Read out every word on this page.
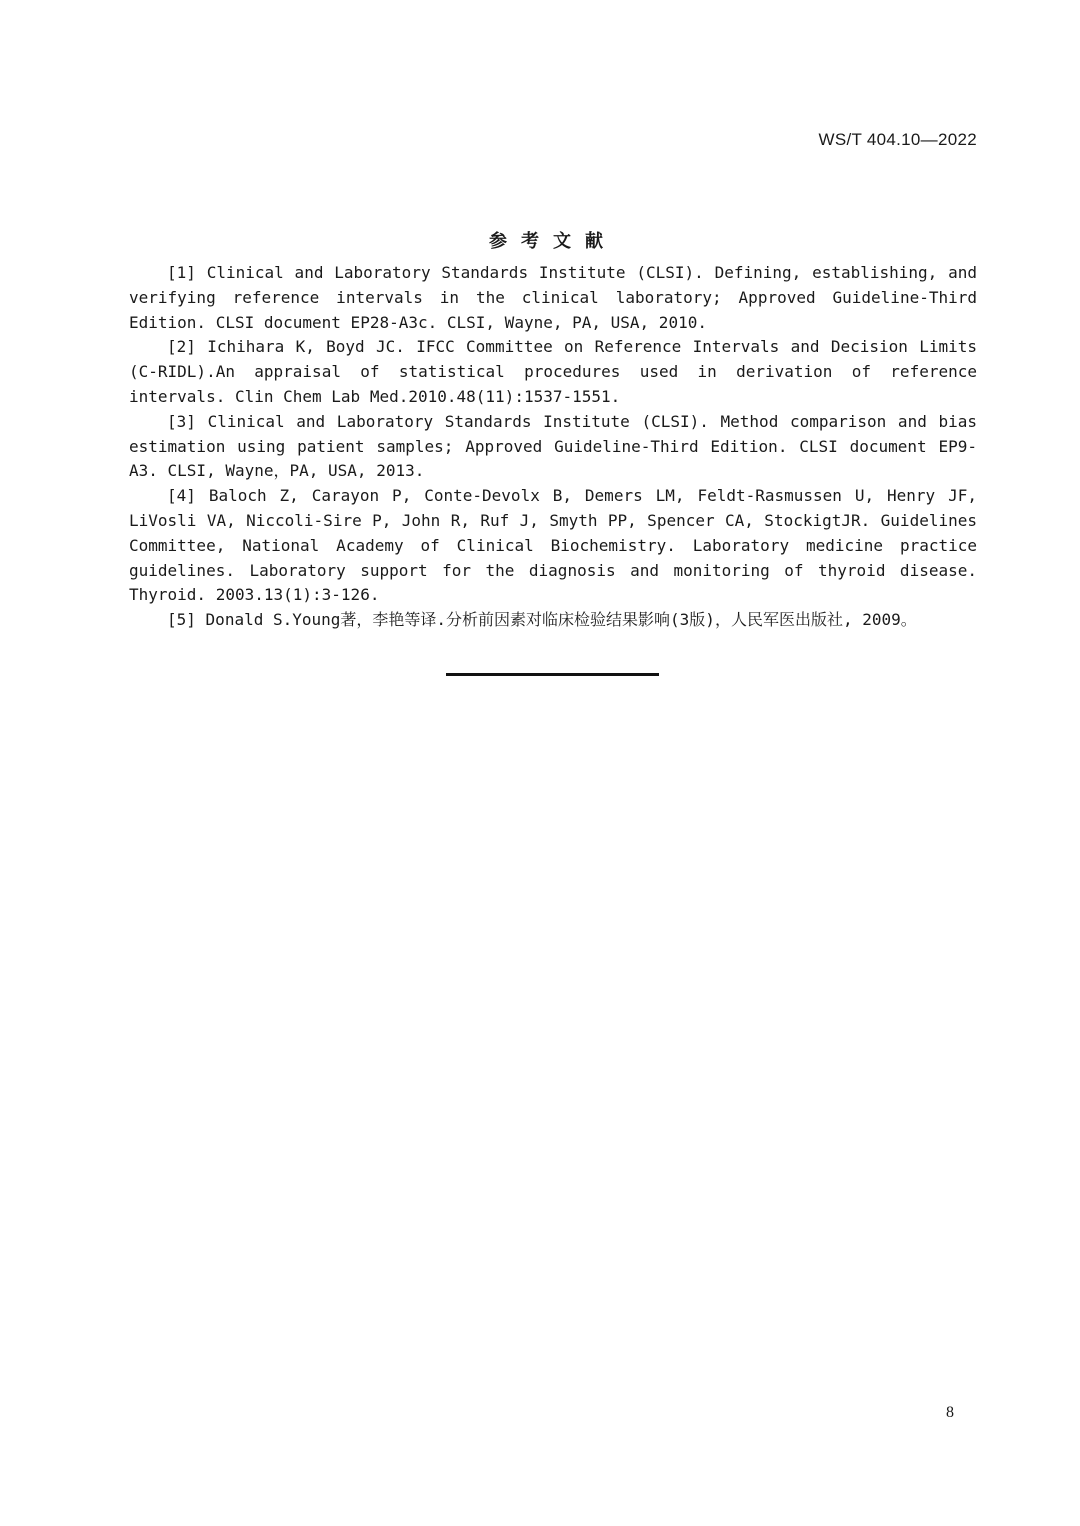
WS/T 404.10—2022
参考文献
[1] Clinical and Laboratory Standards Institute (CLSI). Defining, establishing, and verifying reference intervals in the clinical laboratory; Approved Guideline-Third Edition. CLSI document EP28-A3c. CLSI, Wayne, PA, USA, 2010.
[2] Ichihara K, Boyd JC. IFCC Committee on Reference Intervals and Decision Limits (C-RIDL).An appraisal of statistical procedures used in derivation of reference intervals. Clin Chem Lab Med.2010.48(11):1537-1551.
[3] Clinical and Laboratory Standards Institute (CLSI). Method comparison and bias estimation using patient samples; Approved Guideline-Third Edition. CLSI document EP9-A3. CLSI, Wayne，PA, USA, 2013.
[4] Baloch Z, Carayon P, Conte-Devolx B, Demers LM, Feldt-Rasmussen U, Henry JF, LiVosli VA, Niccoli-Sire P, John R, Ruf J, Smyth PP, Spencer CA, StockigtJR. Guidelines Committee, National Academy of Clinical Biochemistry. Laboratory medicine practice guidelines. Laboratory support for the diagnosis and monitoring of thyroid disease. Thyroid. 2003.13(1):3-126.
[5] Donald S.Young著，李艳等译.分析前因素对临床检验结果影响(3版)，人民军医出版社, 2009。
8
